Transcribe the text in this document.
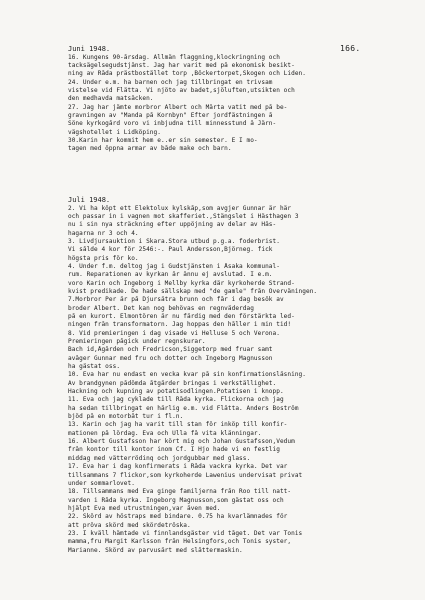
166.
Juni 1948.
16. Kungens 90-årsdag. Allmän flaggning,klockringning och
tacksägelsegudstjänst. Jag har varit med på ekonomisk besikt-
ning av Råda prästbostället torp ,Böckertorpet,Skogen och Liden.
24. Under e.m. ha barnen och jag tillbringat en trivsam
vistelse vid Flätta. Vi njöto av badet,sjöluften,utsikten och
den medhavda matsäcken.
27. Jag har jämte morbror Albert och Märta vatit med på be-
gravningen av "Manda på Kornbyn" Efter jordfästningen å
Söne kyrkogård voro vi inbjudna till minnesstund å Järn-
vägshotellet i Lidköping.
30.Karin har kommit hem e..er sin semester. E I mo-
tagen med öppna armar av både make och barn.
Juli 1948.
2. Vi ha köpt ett Elektolux kylskåp,som avgjer Gunnar är här
och passar in i vagnen mot skafferiet.,Stängslet i Hästhagen 3
nu i sin nya sträckning efter uppöjning av delar av Häs-
hagarna nr 3 och 4.
3. Livdjursauktion i Skara.Stora utbud p.g.a. foderbrist.
Vi sålde 4 kor för 2546:-. Paul Andersson,Björneg. fick
högsta pris för ko.
4. Under f.m. deltog jag i Gudstjänsten i Åsaka kommunal-
rum. Reparationen av kyrkan är ännu ej avslutad. I e.m.
voro Karin och Ingeborg i Mellby kyrka där kyrkoherde Strand-
kvist predikade. De hade sällskap med "de gamle" från Överväningen.
7.Morbror Per är på Djursätra brunn och får i dag besök av
broder Albert. Det kan nog behövas en regnväderdag
på en kurort. Elmontören är nu färdig med den förstärkta led-
ningen från transformatorn. Jag hoppas den håller i min tid!
8. Vid premieringen i dag visade vi Helluse 5 och Verona.
Premieringen pågick under regnskurar.
Bach id,Ågården och Fredricson,Siggetorp med fruar samt
avåger Gunnar med fru och dotter och Ingeborg Magnusson
ha gästat oss.
10. Eva har nu endast en vecka kvar på sin konfirmationsläsning.
Av brandgynen pådömda åtgärder bringas i verkställighet.
Hackning och kupning av potatisodlingen.Potatisen i knopp.
11. Eva och jag cyklade till Råda kyrka. Flickorna och jag
ha sedan tillbringat en härlig e.m. vid Flätta. Anders Boström
bjöd på en motorbåt tur i fl.n.
13. Karin och jag ha varit till stan för inköp till konfir-
mationen på lördag. Eva och Ulla få vita klänningar.
16. Albert Gustafsson har kört mig och Johan Gustafsson,Vedum
från kontor till kontor inom Cf. I Hjo hade vi en festlig
middag med vätterrödinq och jordgubbar med glass.
17. Eva har i dag konfirmerats i Råda vackra kyrka. Det var
tillsammans 7 flickor,som kyrkoherde Lawenius undervisat privat
under sommarlovet.
18. Tillsammans med Eva ginge familjerna från Roo till natt-
varden i Råda kyrka. Ingeborg Magnusson,som gästat oss och
hjälpt Eva med utrustningen,var även med.
22. Skörd av höstraps med bindare. 0.75 ha kvarlämnades för
att pröva skörd med skördetröska.
23. I kväll hämtade vi finnlandsgäster vid tåget. Det var Tonis
mamma,fru Margit Karlsson från Helsingfors,och Tonis syster,
Marianne. Skörd av parvusärt med slåttermaskin.
